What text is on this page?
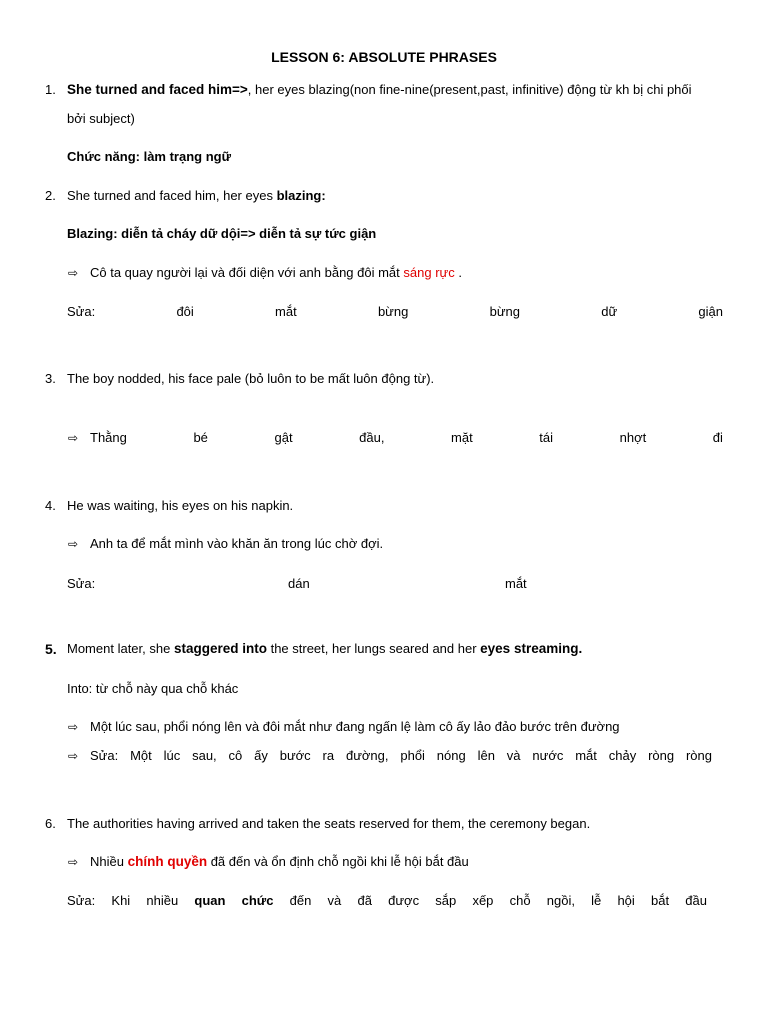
LESSON 6: ABSOLUTE PHRASES
1. She turned and faced him=>, her eyes blazing(non fine-nine(present,past, infinitive) động từ kh bị chi phối
bởi subject)
Chức năng: làm trạng ngữ
2. She turned and faced him, her eyes blazing:
Blazing: diễn tả cháy dữ dội=> diễn tả sự tức giận
⇨ Cô ta quay người lại và đối diện với anh bằng đôi mắt sáng rực .
Sửa:	đôi	mắt	bừng	bừng	dữ	giận
3. The boy nodded, his face pale (bỏ luôn to be mất luôn động từ).
⇨ Thằng	bé	gật	đầu,	mặt	tái	nhợt	đi
4. He was waiting, his eyes on his napkin.
⇨ Anh ta để mắt mình vào khăn ăn trong lúc chờ đợi.
Sửa:	dán	mắt
5. Moment later, she staggered into the street, her lungs seared and her eyes streaming.
Into: từ chỗ này qua chỗ khác
⇨ Một lúc sau, phổi nóng lên và đôi mắt như đang ngấn lệ làm cô ấy lảo đảo bước trên đường
⇨ Sửa: Một lúc sau, cô ấy bước ra đường, phổi nóng lên và nước mắt chảy ròng ròng
6. The authorities having arrived and taken the seats reserved for them, the ceremony began.
⇨ Nhiều chính quyền đã đến và ổn định chỗ ngồi khi lễ hội bắt đầu
Sửa: Khi nhiều quan chức đến và đã được sắp xếp chỗ ngồi, lễ hội bắt đầu
